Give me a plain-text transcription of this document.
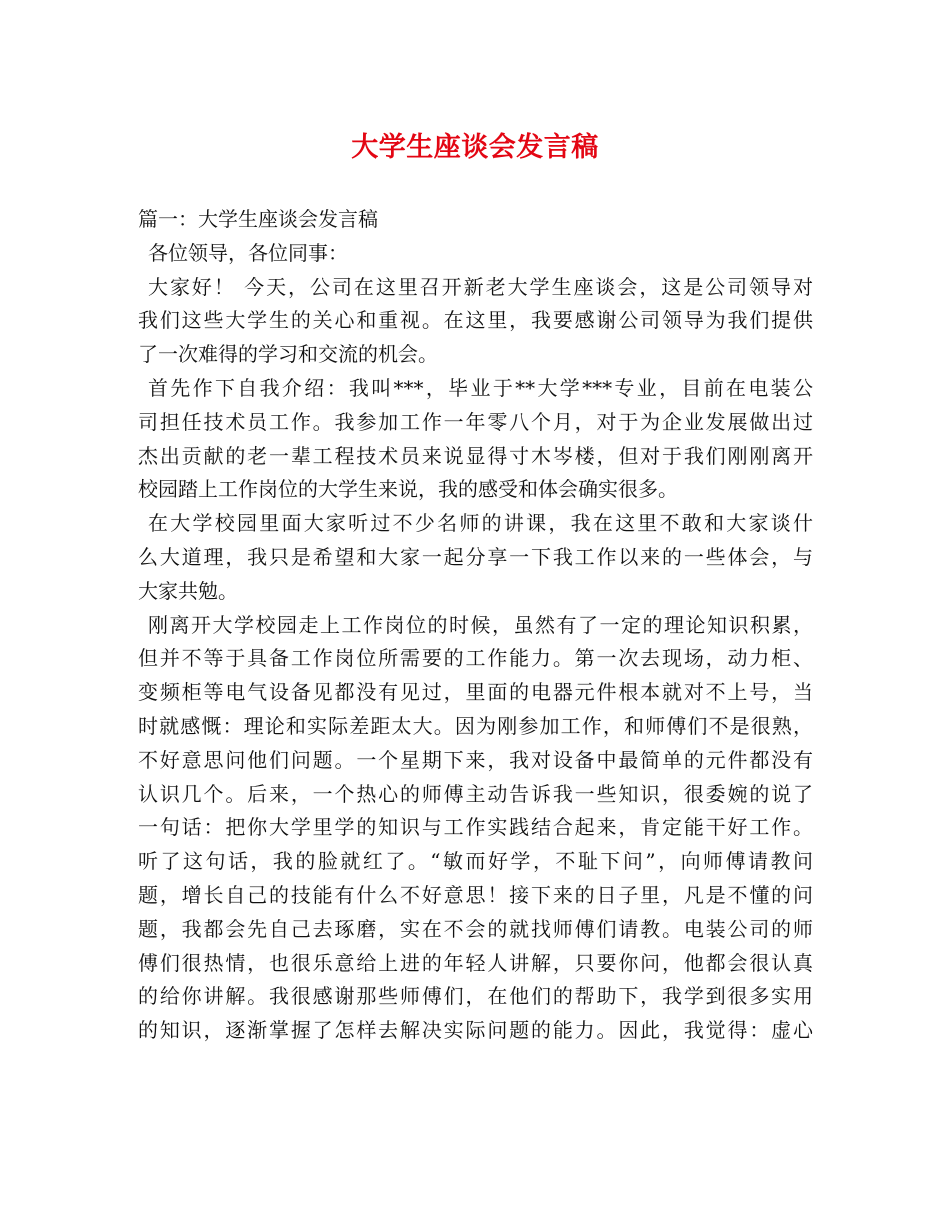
大学生座谈会发言稿
篇一：大学生座谈会发言稿
各位领导，各位同事：
大家好！ 今天，公司在这里召开新老大学生座谈会，这是公司领导对
我们这些大学生的关心和重视。在这里，我要感谢公司领导为我们提供
了一次难得的学习和交流的机会。
首先作下自我介绍：我叫***，毕业于**大学***专业，目前在电装公
司担任技术员工作。我参加工作一年零八个月，对于为企业发展做出过
杰出贡献的老一辈工程技术员来说显得寸木岑楼，但对于我们刚刚离开
校园踏上工作岗位的大学生来说，我的感受和体会确实很多。
在大学校园里面大家听过不少名师的讲课，我在这里不敢和大家谈什
么大道理，我只是希望和大家一起分享一下我工作以来的一些体会，与
大家共勉。
刚离开大学校园走上工作岗位的时候，虽然有了一定的理论知识积累，
但并不等于具备工作岗位所需要的工作能力。第一次去现场，动力柜、
变频柜等电气设备见都没有见过，里面的电器元件根本就对不上号，当
时就感慨：理论和实际差距太大。因为刚参加工作，和师傅们不是很熟，
不好意思问他们问题。一个星期下来，我对设备中最简单的元件都没有
认识几个。后来，一个热心的师傅主动告诉我一些知识，很委婉的说了
一句话：把你大学里学的知识与工作实践结合起来，肯定能干好工作。
听了这句话，我的脸就红了。“敏而好学，不耻下问”，向师傅请教问
题，增长自己的技能有什么不好意思！接下来的日子里，凡是不懂的问
题，我都会先自己去琢磨，实在不会的就找师傅们请教。电装公司的师
傅们很热情，也很乐意给上进的年轻人讲解，只要你问，他都会很认真
的给你讲解。我很感谢那些师傅们，在他们的帮助下，我学到很多实用
的知识，逐渐掌握了怎样去解决实际问题的能力。因此，我觉得：虚心
